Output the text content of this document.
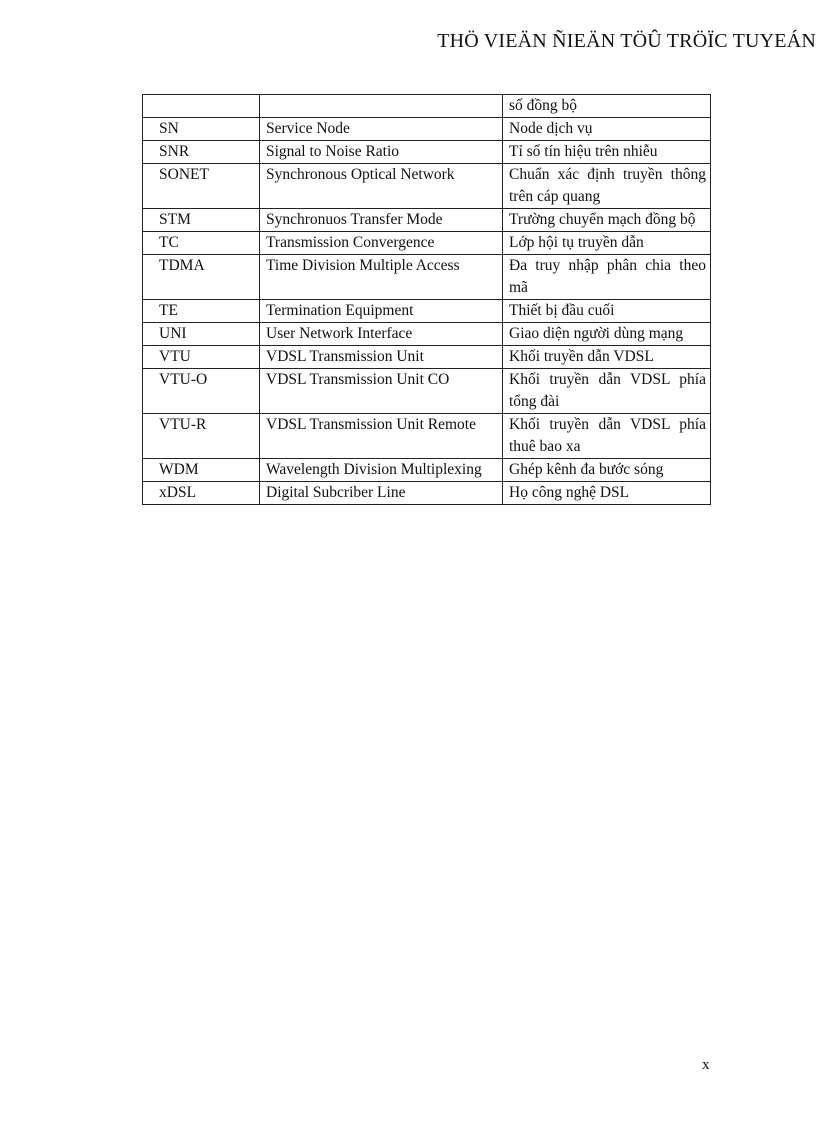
THÖ VIEÄN ÑIEÄN TÖÛ TRÖÏC TUYEÁN
		số đồng bộ
SN	Service Node	Node dịch vụ
SNR	Signal to Noise Ratio	Tỉ số tín hiệu trên nhiễu
SONET	Synchronous Optical Network	Chuẩn xác định truyền thông trên cáp quang
STM	Synchronuos Transfer Mode	Trường chuyển mạch đồng bộ
TC	Transmission Convergence	Lớp hội tụ truyền dẫn
TDMA	Time Division Multiple Access	Đa truy nhập phân chia theo mã
TE	Termination Equipment	Thiết bị đầu cuối
UNI	User Network Interface	Giao diện người dùng mạng
VTU	VDSL Transmission Unit	Khối truyền dẫn VDSL
VTU-O	VDSL Transmission Unit CO	Khối truyền dẫn VDSL phía tổng đài
VTU-R	VDSL Transmission Unit Remote	Khối truyền dẫn VDSL phía thuê bao xa
WDM	Wavelength Division Multiplexing	Ghép kênh đa bước sóng
xDSL	Digital Subcriber Line	Họ công nghệ DSL
x
